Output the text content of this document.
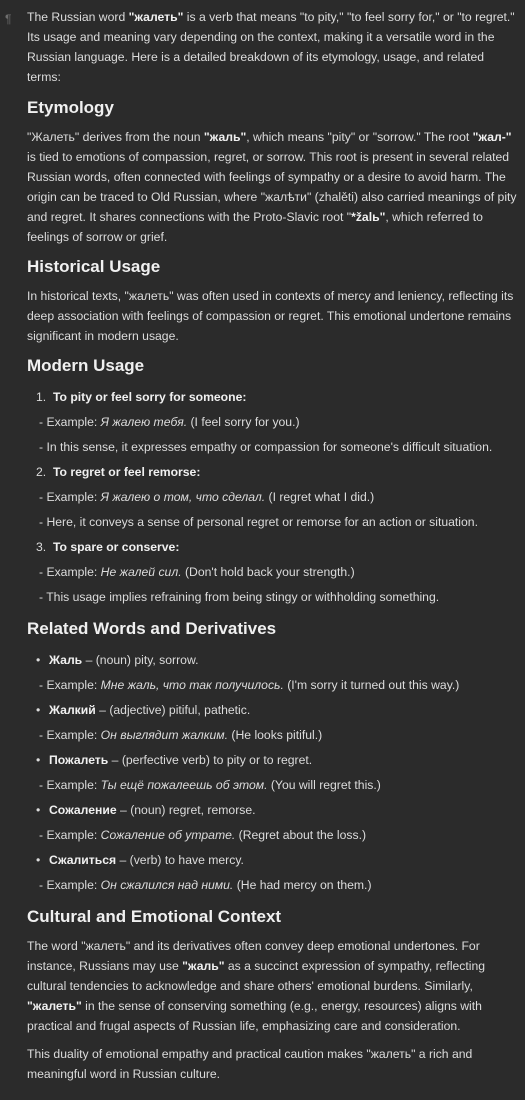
¶ The Russian word "жалеть" is a verb that means "to pity," "to feel sorry for," or "to regret." Its usage and meaning vary depending on the context, making it a versatile word in the Russian language. Here is a detailed breakdown of its etymology, usage, and related terms:

Etymology

"Жалеть" derives from the noun "жаль", which means "pity" or "sorrow." The root "жал-" is tied to emotions of compassion, regret, or sorrow. This root is present in several related Russian words, often connected with feelings of sympathy or a desire to avoid harm. The origin can be traced to Old Russian, where "жалѣти" (zhalěti) also carried meanings of pity and regret. It shares connections with the Proto-Slavic root "*žalь", which referred to feelings of sorrow or grief.

Historical Usage

In historical texts, "жалеть" was often used in contexts of mercy and leniency, reflecting its deep association with feelings of compassion or regret. This emotional undertone remains significant in modern usage.

Modern Usage
1. To pity or feel sorry for someone:
- Example: Я жалею тебя. (I feel sorry for you.)
- In this sense, it expresses empathy or compassion for someone's difficult situation.
2. To regret or feel remorse:
- Example: Я жалею о том, что сделал. (I regret what I did.)
- Here, it conveys a sense of personal regret or remorse for an action or situation.
3. To spare or conserve:
- Example: Не жалей сил. (Don't hold back your strength.)
- This usage implies refraining from being stingy or withholding something.
Related Words and Derivatives
• Жаль – (noun) pity, sorrow.
- Example: Мне жаль, что так получилось. (I'm sorry it turned out this way.)
• Жалкий – (adjective) pitiful, pathetic.
- Example: Он выглядит жалким. (He looks pitiful.)
• Пожалеть – (perfective verb) to pity or to regret.
- Example: Ты ещё пожалеешь об этом. (You will regret this.)
• Сожаление – (noun) regret, remorse.
- Example: Сожаление об утрате. (Regret about the loss.)
• Сжалиться – (verb) to have mercy.
- Example: Он сжалился над ними. (He had mercy on them.)
Cultural and Emotional Context

The word "жалеть" and its derivatives often convey deep emotional undertones. For instance, Russians may use "жаль" as a succinct expression of sympathy, reflecting cultural tendencies to acknowledge and share others' emotional burdens. Similarly, "жалеть" in the sense of conserving something (e.g., energy, resources) aligns with practical and frugal aspects of Russian life, emphasizing care and consideration.

This duality of emotional empathy and practical caution makes "жалеть" a rich and meaningful word in Russian culture.
